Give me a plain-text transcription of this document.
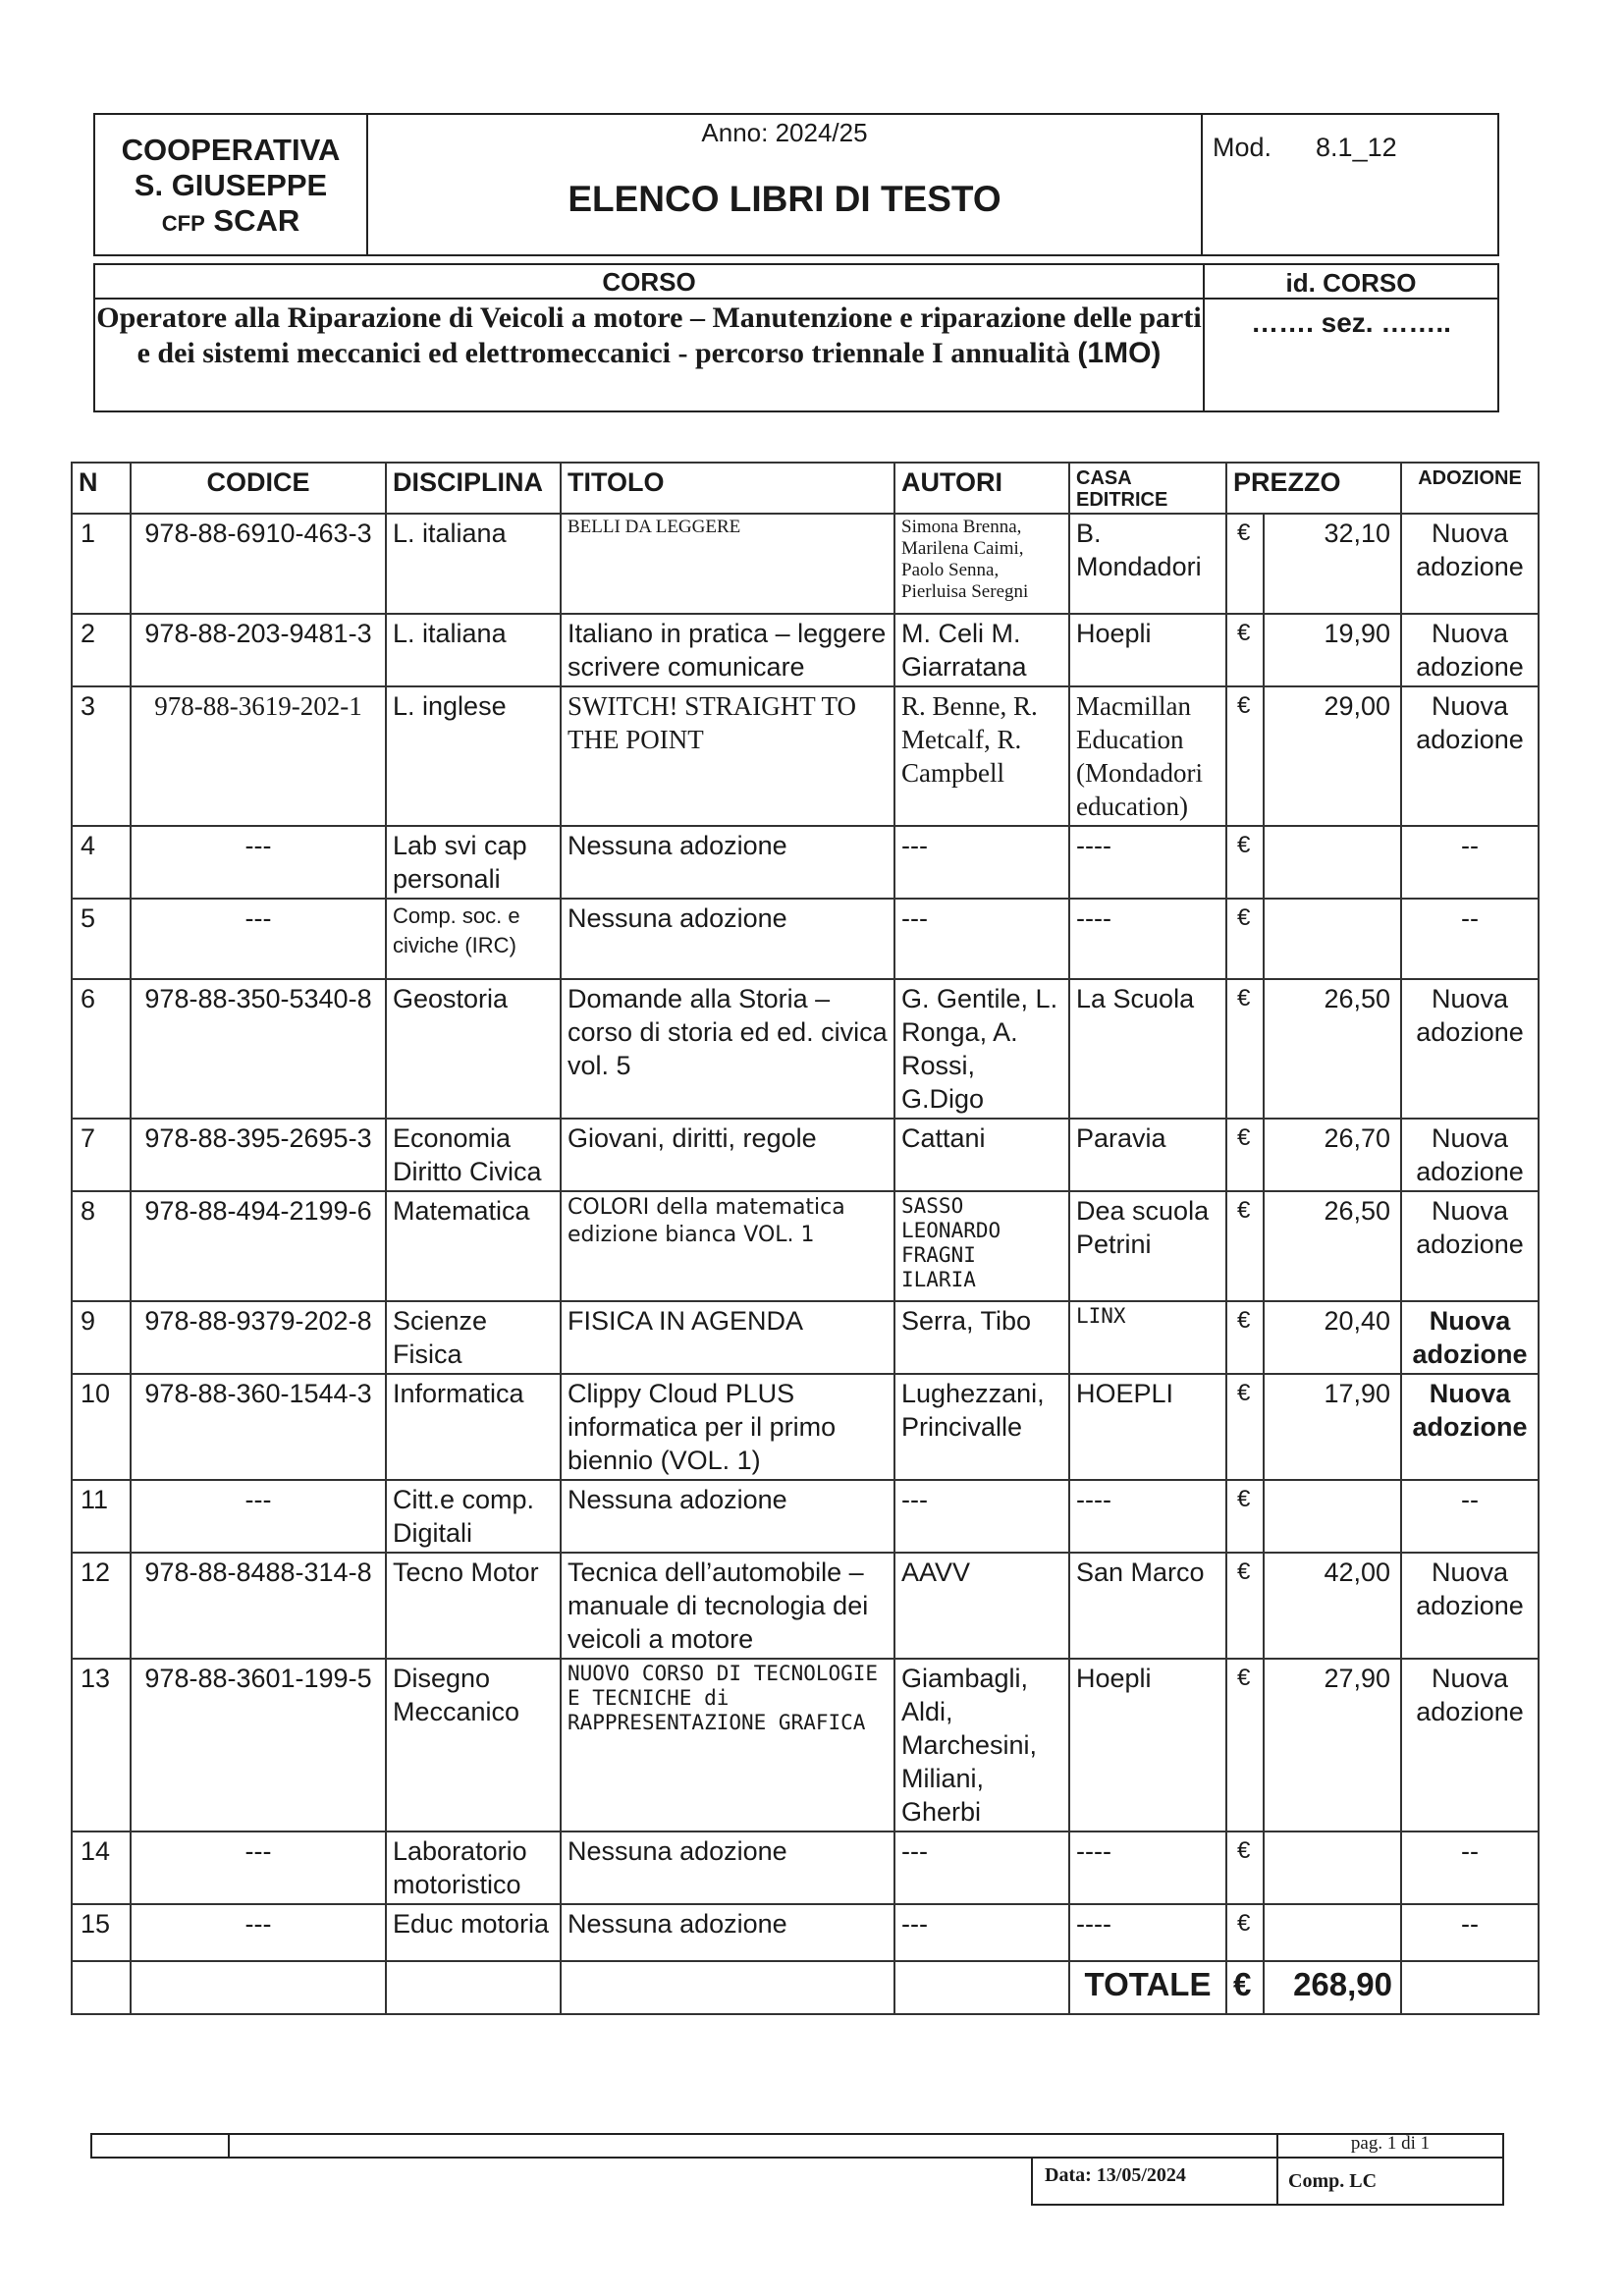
COOPERATIVA
S. GIUSEPPE
CFP SCAR
Anno: 2024/25
ELENCO LIBRI DI TESTO
Mod. 8.1_12
CORSO
Operatore alla Riparazione di Veicoli a motore – Manutenzione e riparazione delle parti e dei sistemi meccanici ed elettromeccanici - percorso triennale I annualità (1MO)
id. CORSO
……. sez. ……..
N	CODICE	DISCIPLINA	TITOLO	AUTORI	CASA EDITRICE	PREZZO		ADOZIONE
1	978-88-6910-463-3	L. italiana	BELLI DA LEGGERE	Simona Brenna, Marilena Caimi, Paolo Senna, Pierluisa Seregni	B. Mondadori	€	32,10	Nuova adozione
2	978-88-203-9481-3	L. italiana	Italiano in pratica – leggere scrivere comunicare	M. Celi M. Giarratana	Hoepli	€	19,90	Nuova adozione
3	978-88-3619-202-1	L. inglese	SWITCH! STRAIGHT TO THE POINT	R. Benne, R. Metcalf, R. Campbell	Macmillan Education (Mondadori education)	€	29,00	Nuova adozione
4	---	Lab svi cap personali	Nessuna adozione	---	----	€		--
5	---	Comp. soc. e civiche (IRC)	Nessuna adozione	---	----	€		--
6	978-88-350-5340-8	Geostoria	Domande alla Storia – corso di storia ed ed. civica vol. 5	G. Gentile, L. Ronga, A. Rossi, G.Digo	La Scuola	€	26,50	Nuova adozione
7	978-88-395-2695-3	Economia Diritto Civica	Giovani, diritti, regole	Cattani	Paravia	€	26,70	Nuova adozione
8	978-88-494-2199-6	Matematica	COLORI della matematica edizione bianca VOL. 1	SASSO LEONARDO FRAGNI ILARIA	Dea scuola Petrini	€	26,50	Nuova adozione
9	978-88-9379-202-8	Scienze Fisica	FISICA IN AGENDA	Serra, Tibo	LINX	€	20,40	Nuova adozione
10	978-88-360-1544-3	Informatica	Clippy Cloud PLUS informatica per il primo biennio (VOL. 1)	Lughezzani, Princivalle	HOEPLI	€	17,90	Nuova adozione
11	---	Citt.e comp. Digitali	Nessuna adozione	---	----	€		--
12	978-88-8488-314-8	Tecno Motor	Tecnica dell’automobile – manuale di tecnologia dei veicoli a motore	AAVV	San Marco	€	42,00	Nuova adozione
13	978-88-3601-199-5	Disegno Meccanico	NUOVO CORSO DI TECNOLOGIE E TECNICHE di RAPPRESENTAZIONE GRAFICA	Giambagli, Aldi, Marchesini, Miliani, Gherbi	Hoepli	€	27,90	Nuova adozione
14	---	Laboratorio motoristico	Nessuna adozione	---	----	€		--
15	---	Educ motoria	Nessuna adozione	---	----	€		--
					TOTALE	€	268,90	
pag. 1 di 1
Data: 13/05/2024	Comp. LC
